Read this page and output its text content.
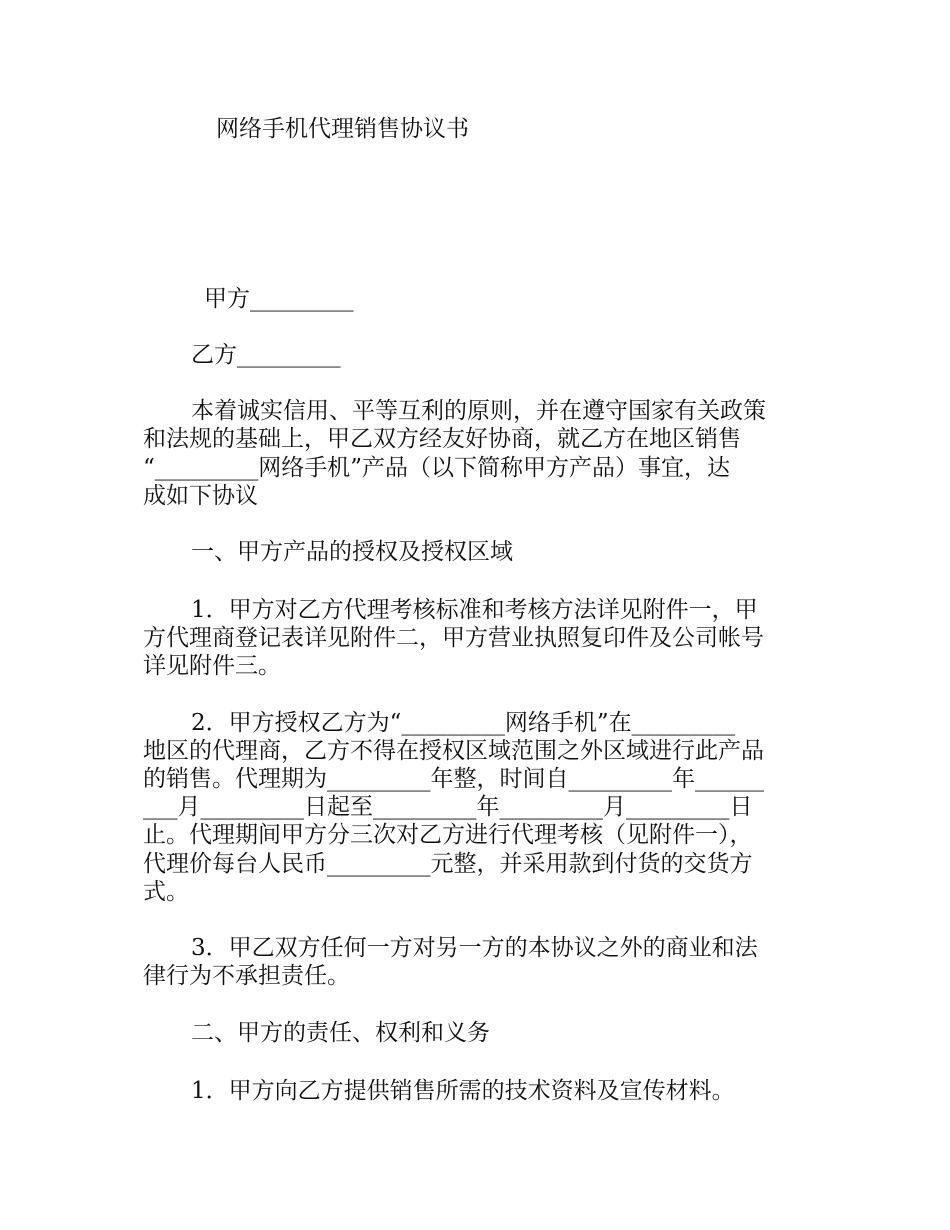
网络手机代理销售协议书
甲方_________
乙方_________
本着诚实信用、平等互利的原则，并在遵守国家有关政策
和法规的基础上，甲乙双方经友好协商，就乙方在地区销售
“_________网络手机”产品（以下简称甲方产品）事宜，达
成如下协议
一、甲方产品的授权及授权区域
1．甲方对乙方代理考核标准和考核方法详见附件一，甲
方代理商登记表详见附件二，甲方营业执照复印件及公司帐号
详见附件三。
2．甲方授权乙方为“_________网络手机”在_________
地区的代理商，乙方不得在授权区域范围之外区域进行此产品
的销售。代理期为_________年整，时间自_________年______
___月_________日起至_________年_________月_________日
止。代理期间甲方分三次对乙方进行代理考核（见附件一），
代理价每台人民币_________元整，并采用款到付货的交货方
式。
3．甲乙双方任何一方对另一方的本协议之外的商业和法
律行为不承担责任。
二、甲方的责任、权利和义务
1．甲方向乙方提供销售所需的技术资料及宣传材料。
